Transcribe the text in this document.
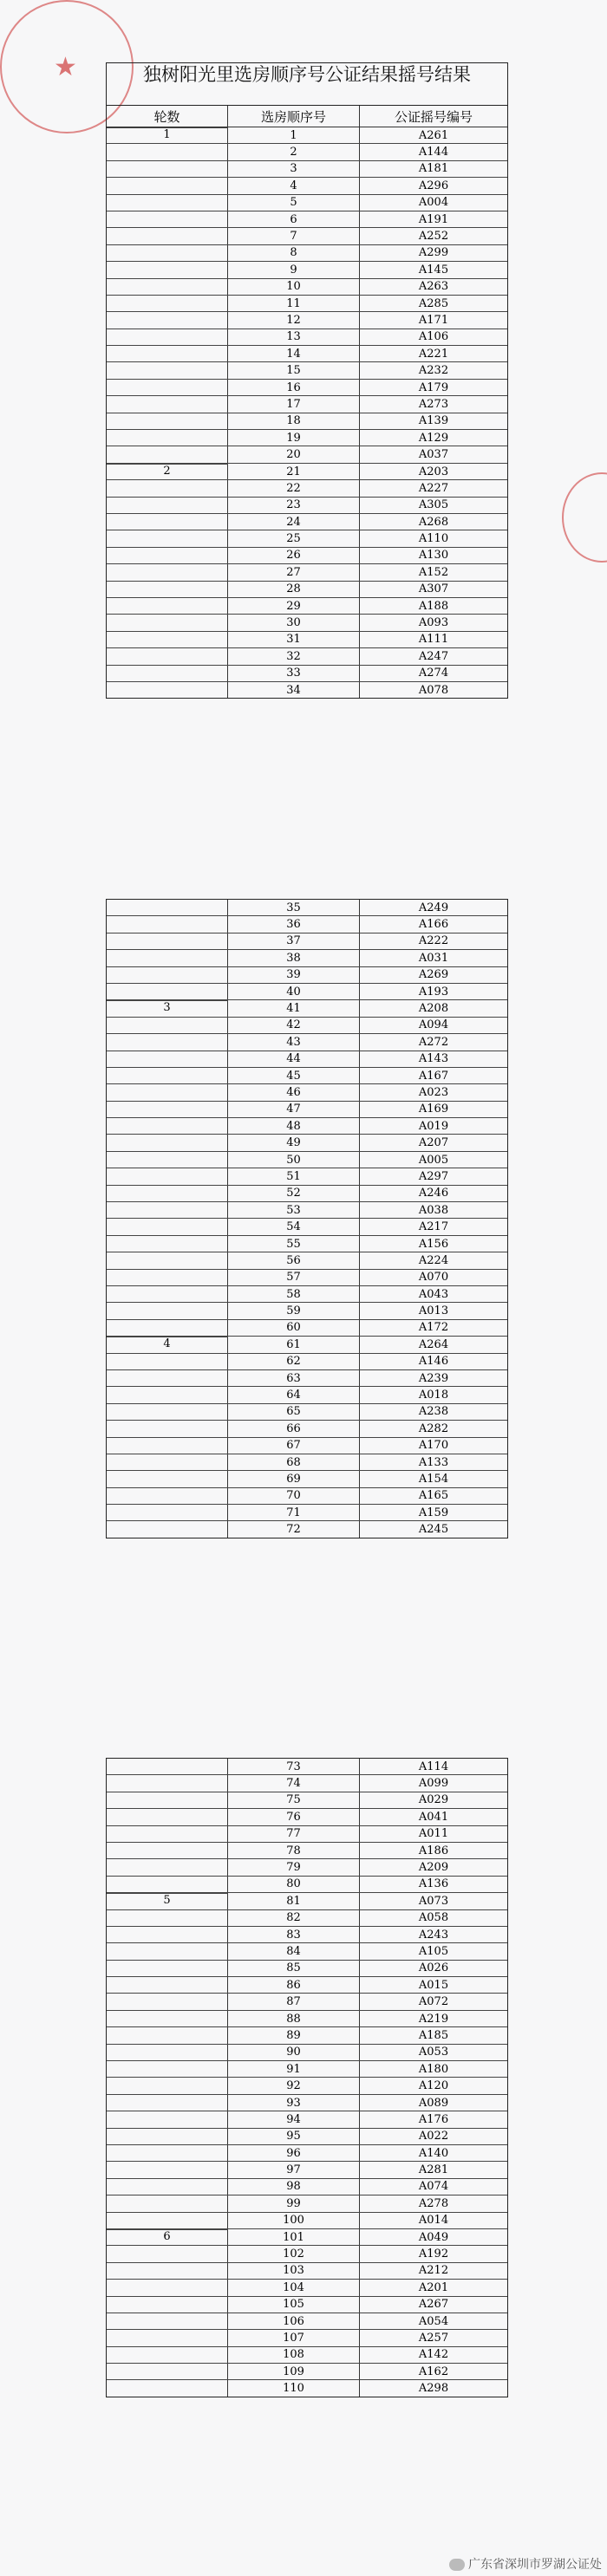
★	独树阳光里选房顺序号公证结果摇号结果
轮数	选房顺序号	公证摇号编号
1	1	A261
2	A144
3	A181
4	A296
5	A004
6	A191
7	A252
8	A299
9	A145
10	A263
11	A285
12	A171
13	A106
14	A221
15	A232
16	A179
17	A273
18	A139
19	A129
20	A037
2	21	A203
22	A227
23	A305
24	A268
25	A110
26	A130
27	A152
28	A307
29	A188
30	A093
31	A111
32	A247
33	A274
34	A078
35	A249
36	A166
37	A222
38	A031
39	A269
40	A193
3	41	A208
42	A094
43	A272
44	A143
45	A167
46	A023
47	A169
48	A019
49	A207
50	A005
51	A297
52	A246
53	A038
54	A217
55	A156
56	A224
57	A070
58	A043
59	A013
60	A172
4	61	A264
62	A146
63	A239
64	A018
65	A238
66	A282
67	A170
68	A133
69	A154
70	A165
71	A159
72	A245
73	A114
74	A099
75	A029
76	A041
77	A011
78	A186
79	A209
80	A136
5	81	A073
82	A058
83	A243
84	A105
85	A026
86	A015
87	A072
88	A219
89	A185
90	A053
91	A180
92	A120
93	A089
94	A176
95	A022
96	A140
97	A281
98	A074
99	A278
100	A014
6	101	A049
102	A192
103	A212
104	A201
105	A267
106	A054
107	A257
108	A142
109	A162
110	A298
广东省深圳市罗湖公证处
